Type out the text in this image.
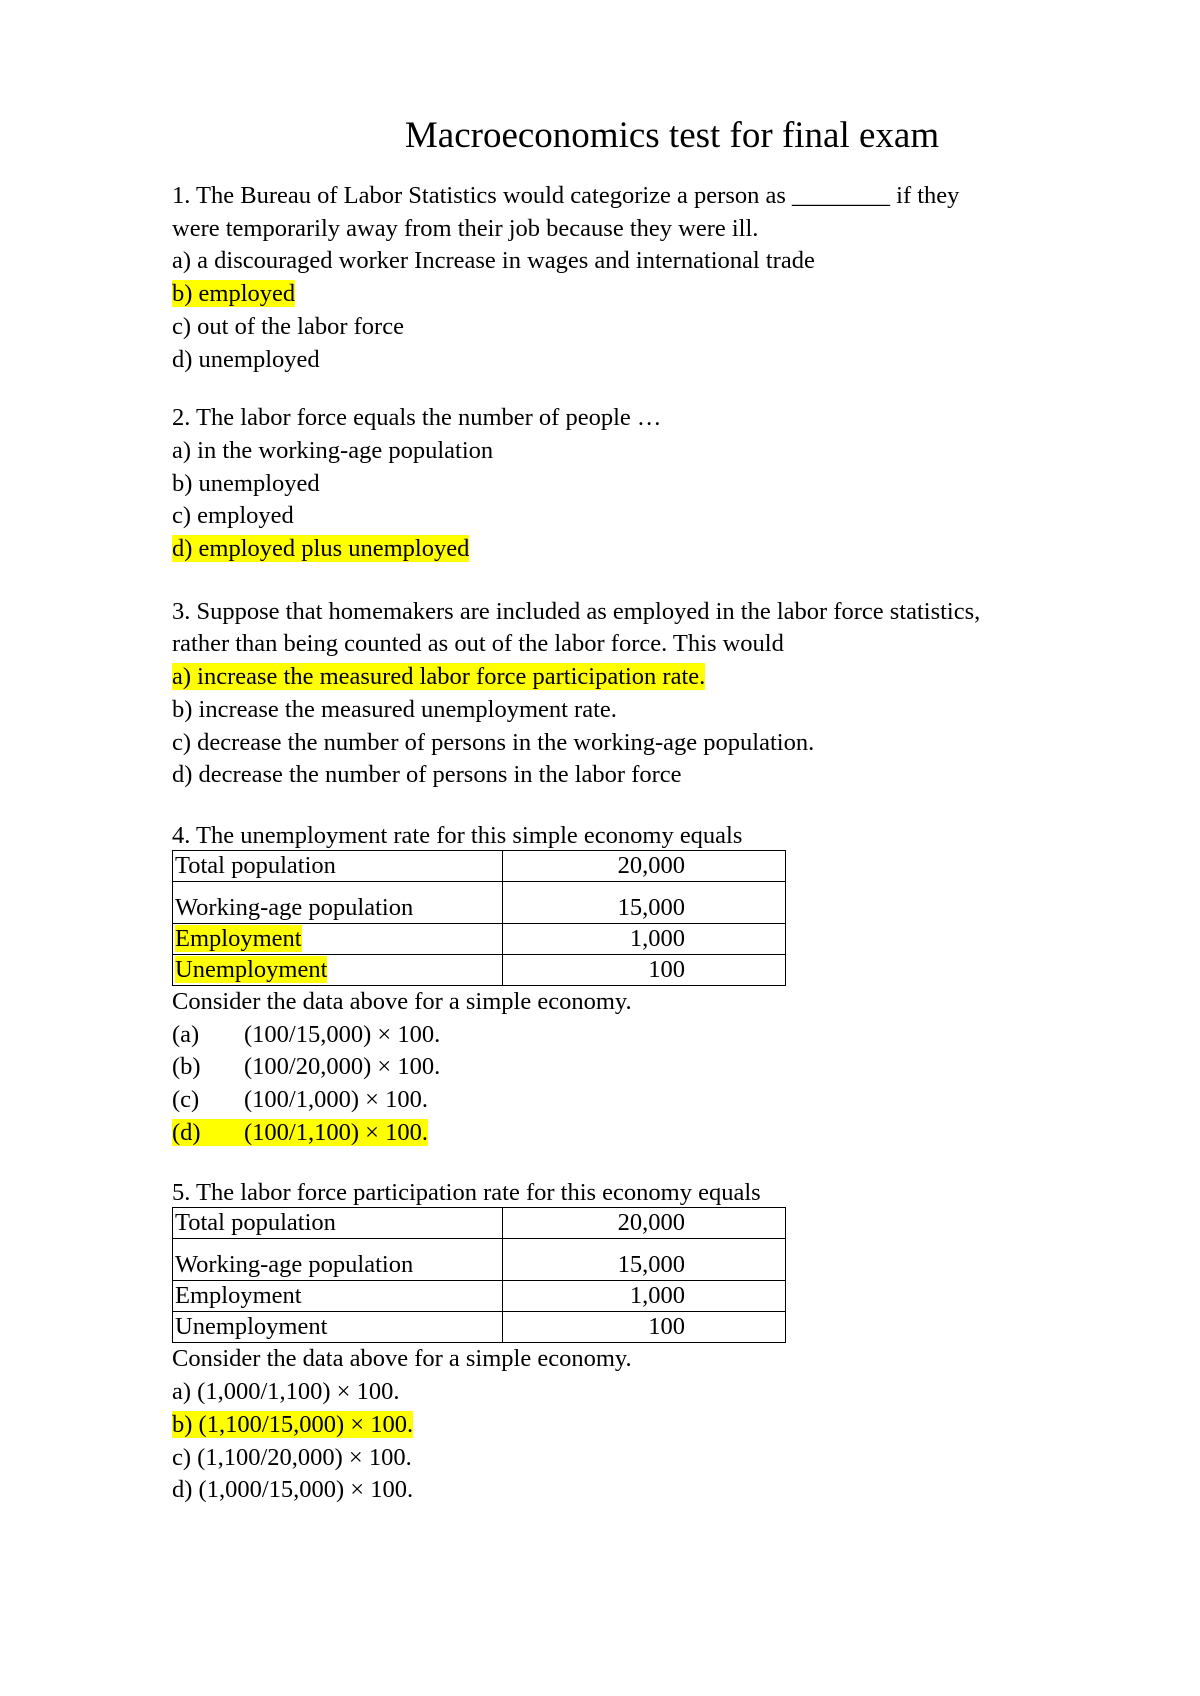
Macroeconomics test for final exam
1. The Bureau of Labor Statistics would categorize a person as ________ if they
were temporarily away from their job because they were ill.
a) a discouraged worker Increase in wages and international trade
b) employed
c) out of the labor force
d) unemployed
2. The labor force equals the number of people …
a) in the working-age population
b) unemployed
c) employed
d) employed plus unemployed
3. Suppose that homemakers are included as employed in the labor force statistics,
rather than being counted as out of the labor force. This would
a) increase the measured labor force participation rate.
b) increase the measured unemployment rate.
c) decrease the number of persons in the working-age population.
d) decrease the number of persons in the labor force
4. The unemployment rate for this simple economy equals
Total population	20,000
Working-age population	15,000
Employment	1,000
Unemployment	100
Consider the data above for a simple economy.
(a) (100/15,000) × 100.
(b) (100/20,000) × 100.
(c) (100/1,000) × 100.
(d) (100/1,100) × 100.
5. The labor force participation rate for this economy equals
Total population	20,000
Working-age population	15,000
Employment	1,000
Unemployment	100
Consider the data above for a simple economy.
a) (1,000/1,100) × 100.
b) (1,100/15,000) × 100.
c) (1,100/20,000) × 100.
d) (1,000/15,000) × 100.
